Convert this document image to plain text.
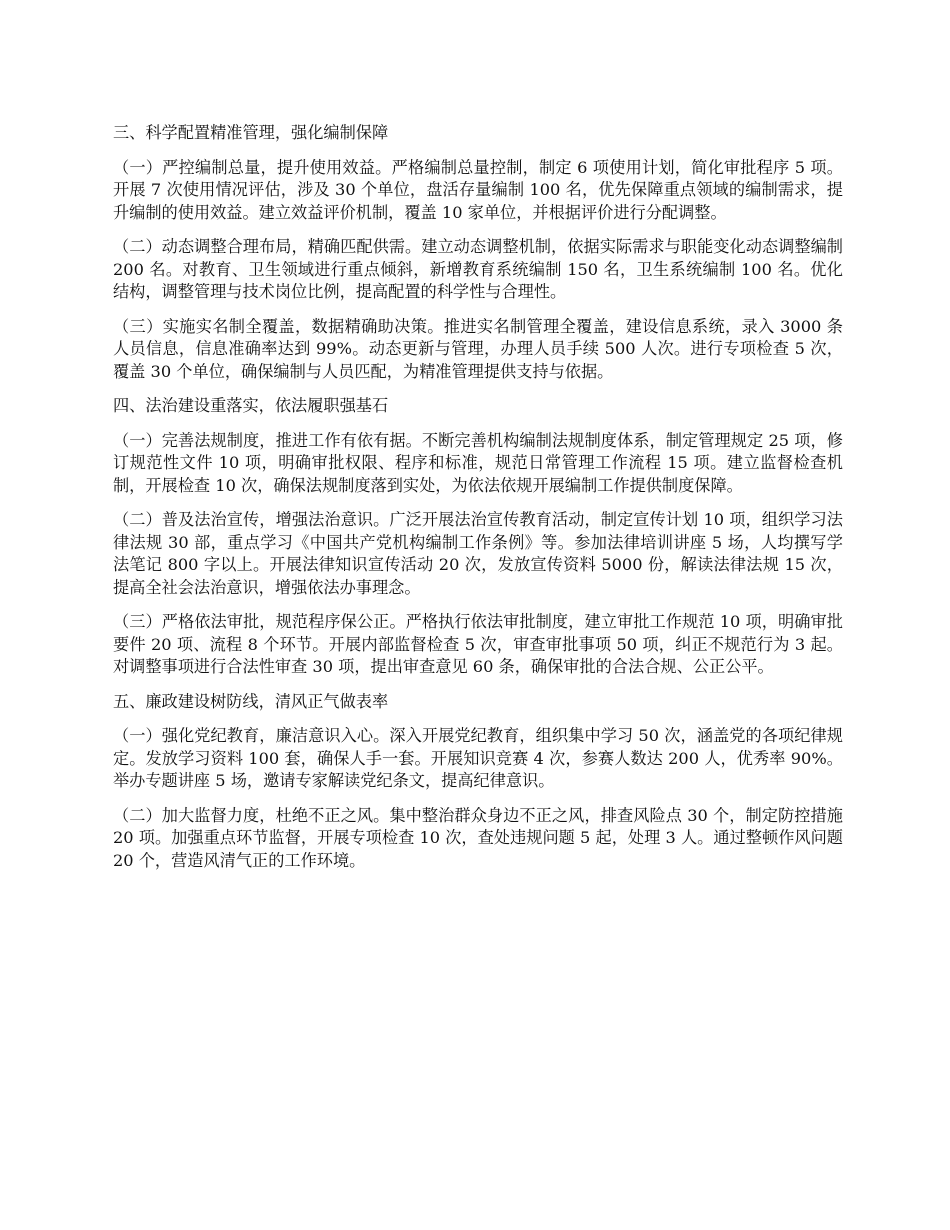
三、科学配置精准管理，强化编制保障
（一）严控编制总量，提升使用效益。严格编制总量控制，制定 6 项使用计划，简化审批程序 5 项。开展 7 次使用情况评估，涉及 30 个单位，盘活存量编制 100 名，优先保障重点领域的编制需求，提升编制的使用效益。建立效益评价机制，覆盖 10 家单位，并根据评价进行分配调整。
（二）动态调整合理布局，精确匹配供需。建立动态调整机制，依据实际需求与职能变化动态调整编制 200 名。对教育、卫生领域进行重点倾斜，新增教育系统编制 150 名，卫生系统编制 100 名。优化结构，调整管理与技术岗位比例，提高配置的科学性与合理性。
（三）实施实名制全覆盖，数据精确助决策。推进实名制管理全覆盖，建设信息系统，录入 3000 条人员信息，信息准确率达到 99%。动态更新与管理，办理人员手续 500 人次。进行专项检查 5 次，覆盖 30 个单位，确保编制与人员匹配，为精准管理提供支持与依据。
四、法治建设重落实，依法履职强基石
（一）完善法规制度，推进工作有依有据。不断完善机构编制法规制度体系，制定管理规定 25 项，修订规范性文件 10 项，明确审批权限、程序和标准，规范日常管理工作流程 15 项。建立监督检查机制，开展检查 10 次，确保法规制度落到实处，为依法依规开展编制工作提供制度保障。
（二）普及法治宣传，增强法治意识。广泛开展法治宣传教育活动，制定宣传计划 10 项，组织学习法律法规 30 部，重点学习《中国共产党机构编制工作条例》等。参加法律培训讲座 5 场，人均撰写学法笔记 800 字以上。开展法律知识宣传活动 20 次，发放宣传资料 5000 份，解读法律法规 15 次，提高全社会法治意识，增强依法办事理念。
（三）严格依法审批，规范程序保公正。严格执行依法审批制度，建立审批工作规范 10 项，明确审批要件 20 项、流程 8 个环节。开展内部监督检查 5 次，审查审批事项 50 项，纠正不规范行为 3 起。对调整事项进行合法性审查 30 项，提出审查意见 60 条，确保审批的合法合规、公正公平。
五、廉政建设树防线，清风正气做表率
（一）强化党纪教育，廉洁意识入心。深入开展党纪教育，组织集中学习 50 次，涵盖党的各项纪律规定。发放学习资料 100 套，确保人手一套。开展知识竞赛 4 次，参赛人数达 200 人，优秀率 90%。举办专题讲座 5 场，邀请专家解读党纪条文，提高纪律意识。
（二）加大监督力度，杜绝不正之风。集中整治群众身边不正之风，排查风险点 30 个，制定防控措施 20 项。加强重点环节监督，开展专项检查 10 次，查处违规问题 5 起，处理 3 人。通过整顿作风问题 20 个，营造风清气正的工作环境。
